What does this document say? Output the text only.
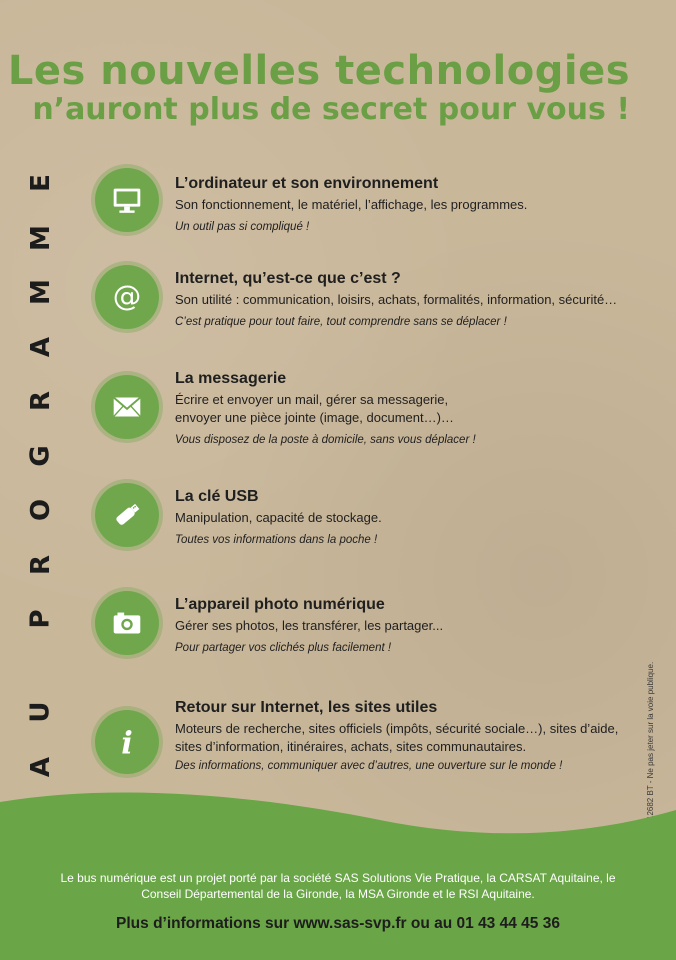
Les nouvelles technologies
n’auront plus de secret pour vous !
A
U
P
R
O
G
R
A
M
M
E	L’ordinateur et son environnement

Son fonctionnement, le matériel, l’affichage, les programmes.

Un outil pas si compliqué !
@

Internet, qu’est-ce que c’est ?

Son utilité : communication, loisirs, achats, formalités, information, sécurité…

C’est pratique pour tout faire, tout comprendre sans se déplacer !

La messagerie

Écrire et envoyer un mail, gérer sa messagerie, envoyer une pièce jointe (image, document…)…

Vous disposez de la poste à domicile, sans vous déplacer !

La clé USB

Manipulation, capacité de stockage.

Toutes vos informations dans la poche !

L’appareil photo numérique

Gérer ses photos, les transférer, les partager...

Pour partager vos clichés plus facilement !
i

Retour sur Internet, les sites utiles

Moteurs de recherche, sites officiels (impôts, sécurité sociale…), sites d’aide, sites d’information, itinéraires, achats, sites communautaires.

Des informations, communiquer avec d’autres, une ouverture sur le monde !	12682 BT - Ne pas jeter sur la voie publique.
Le bus numérique est un projet porté par la société SAS Solutions Vie Pratique, la CARSAT Aquitaine, le Conseil Départemental de la Gironde, la MSA Gironde et le RSI Aquitaine.
Plus d’informations sur www.sas-svp.fr ou au 01 43 44 45 36
